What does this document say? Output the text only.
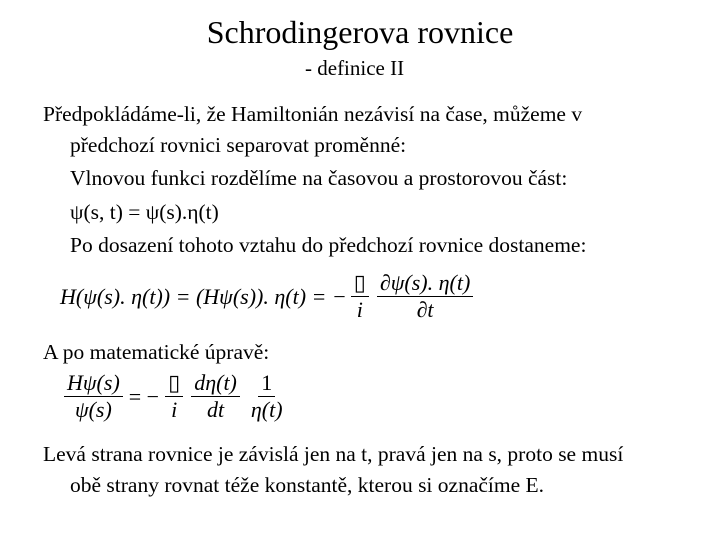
Schrodingerova rovnice
- definice II
Předpokládáme-li, že Hamiltonián nezávisí na čase, můžeme v
předchozí rovnici separovat proměnné:
Vlnovou funkci rozdělíme na časovou a prostorovou část:
ψ(s, t) = ψ(s).η(t)
Po dosazení tohoto vztahu do předchozí rovnice dostaneme:
H(ψ(s). η(t)) = (Hψ(s)). η(t) = − $\frac{▯}{i} \frac{\partial\psi(s). \eta(t)}{\partial t}$
A po matematické úpravě:
$\frac{H\psi(s)}{\psi(s)}$ = − $\frac{▯}{i} \frac{d\eta(t)}{dt} \frac{1}{\eta(t)}$
Levá strana rovnice je závislá jen na t, pravá jen na s, proto se musí
obě strany rovnat téže konstantě, kterou si označíme E.
